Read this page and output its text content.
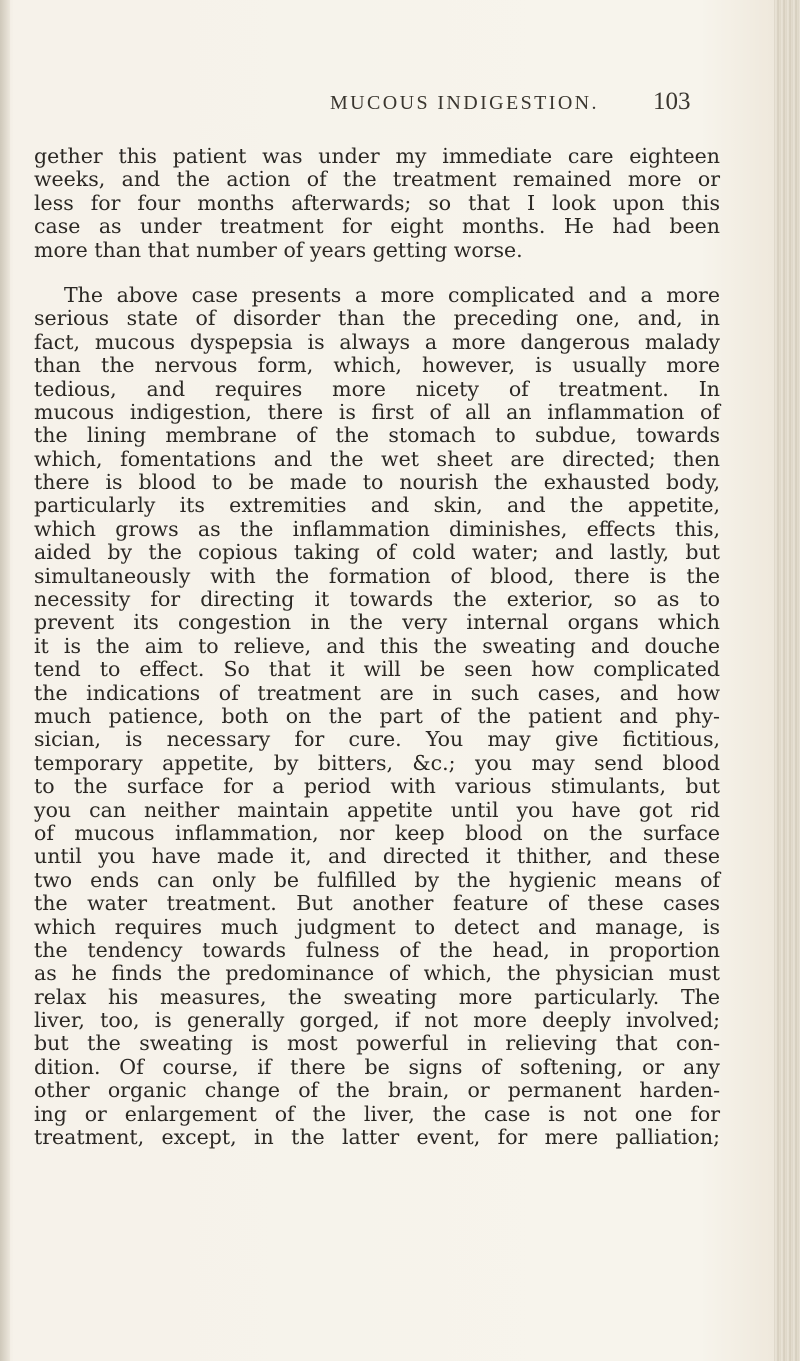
MUCOUS INDIGESTION. 103
gether this patient was under my immediate care eighteen
weeks, and the action of the treatment remained more or
less for four months afterwards; so that I look upon this
case as under treatment for eight months. He had been
more than that number of years getting worse.
The above case presents a more complicated and a more
serious state of disorder than the preceding one, and, in
fact, mucous dyspepsia is always a more dangerous malady
than the nervous form, which, however, is usually more
tedious, and requires more nicety of treatment. In
mucous indigestion, there is first of all an inflammation of
the lining membrane of the stomach to subdue, towards
which, fomentations and the wet sheet are directed; then
there is blood to be made to nourish the exhausted body,
particularly its extremities and skin, and the appetite,
which grows as the inflammation diminishes, effects this,
aided by the copious taking of cold water; and lastly, but
simultaneously with the formation of blood, there is the
necessity for directing it towards the exterior, so as to
prevent its congestion in the very internal organs which
it is the aim to relieve, and this the sweating and douche
tend to effect. So that it will be seen how complicated
the indications of treatment are in such cases, and how
much patience, both on the part of the patient and phy-
sician, is necessary for cure. You may give fictitious,
temporary appetite, by bitters, &c.; you may send blood
to the surface for a period with various stimulants, but
you can neither maintain appetite until you have got rid
of mucous inflammation, nor keep blood on the surface
until you have made it, and directed it thither, and these
two ends can only be fulfilled by the hygienic means of
the water treatment. But another feature of these cases
which requires much judgment to detect and manage, is
the tendency towards fulness of the head, in proportion
as he finds the predominance of which, the physician must
relax his measures, the sweating more particularly. The
liver, too, is generally gorged, if not more deeply involved;
but the sweating is most powerful in relieving that con-
dition. Of course, if there be signs of softening, or any
other organic change of the brain, or permanent harden-
ing or enlargement of the liver, the case is not one for
treatment, except, in the latter event, for mere palliation;
